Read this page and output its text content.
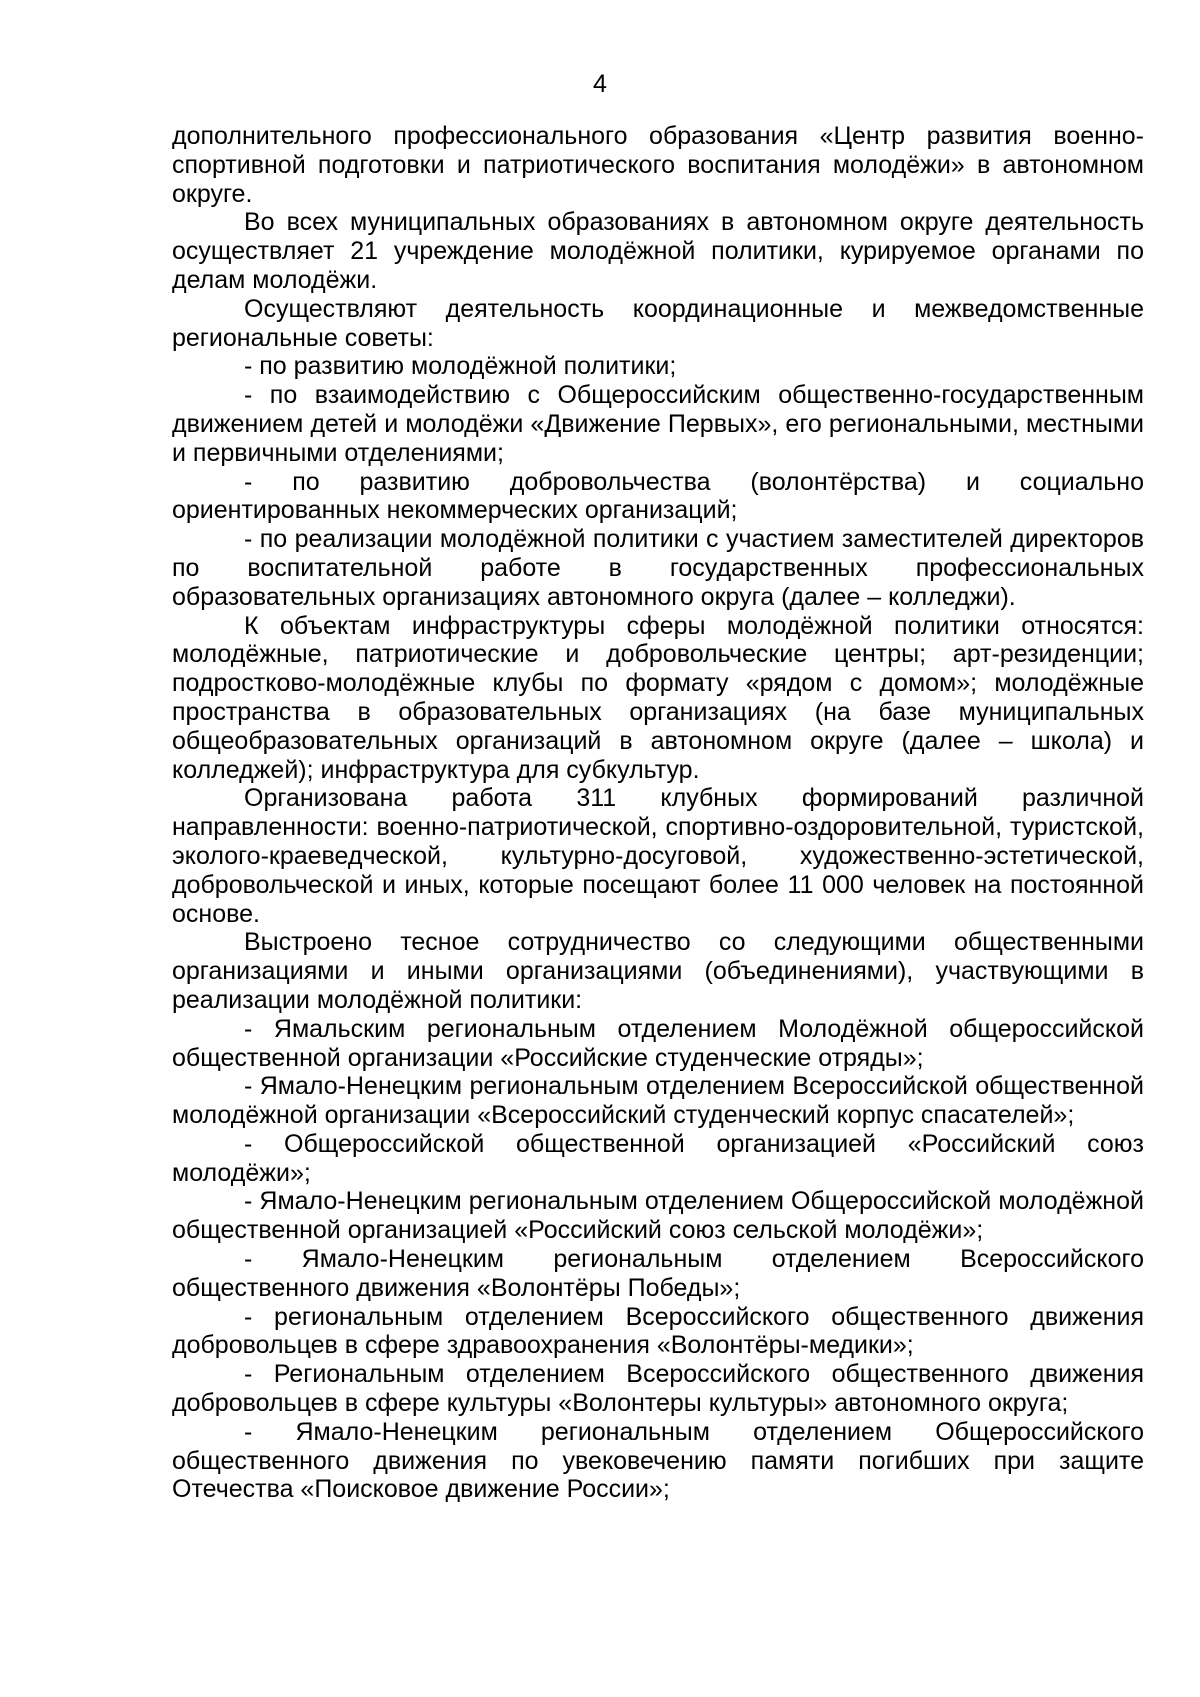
4

дополнительного профессионального образования «Центр развития военно-спортивной подготовки и патриотического воспитания молодёжи» в автономном округе.

Во всех муниципальных образованиях в автономном округе деятельность осуществляет 21 учреждение молодёжной политики, курируемое органами по делам молодёжи.

Осуществляют деятельность координационные и межведомственные региональные советы:

- по развитию молодёжной политики;

- по взаимодействию с Общероссийским общественно-государственным движением детей и молодёжи «Движение Первых», его региональными, местными и первичными отделениями;

- по развитию добровольчества (волонтёрства) и социально ориентированных некоммерческих организаций;

- по реализации молодёжной политики с участием заместителей директоров по воспитательной работе в государственных профессиональных образовательных организациях автономного округа (далее – колледжи).

К объектам инфраструктуры сферы молодёжной политики относятся: молодёжные, патриотические и добровольческие центры; арт-резиденции; подростково-молодёжные клубы по формату «рядом с домом»; молодёжные пространства в образовательных организациях (на базе муниципальных общеобразовательных организаций в автономном округе (далее – школа) и колледжей); инфраструктура для субкультур.

Организована работа 311 клубных формирований различной направленности: военно-патриотической, спортивно-оздоровительной, туристской, эколого-краеведческой, культурно-досуговой, художественно-эстетической, добровольческой и иных, которые посещают более 11 000 человек на постоянной основе.

Выстроено тесное сотрудничество со следующими общественными организациями и иными организациями (объединениями), участвующими в реализации молодёжной политики:

- Ямальским региональным отделением Молодёжной общероссийской общественной организации «Российские студенческие отряды»;

- Ямало-Ненецким региональным отделением Всероссийской общественной молодёжной организации «Всероссийский студенческий корпус спасателей»;

- Общероссийской общественной организацией «Российский союз молодёжи»;

- Ямало-Ненецким региональным отделением Общероссийской молодёжной общественной организацией «Российский союз сельской молодёжи»;

- Ямало-Ненецким региональным отделением Всероссийского общественного движения «Волонтёры Победы»;

- региональным отделением Всероссийского общественного движения добровольцев в сфере здравоохранения «Волонтёры-медики»;

- Региональным отделением Всероссийского общественного движения добровольцев в сфере культуры «Волонтеры культуры» автономного округа;

- Ямало-Ненецким региональным отделением Общероссийского общественного движения по увековечению памяти погибших при защите Отечества «Поисковое движение России»;
